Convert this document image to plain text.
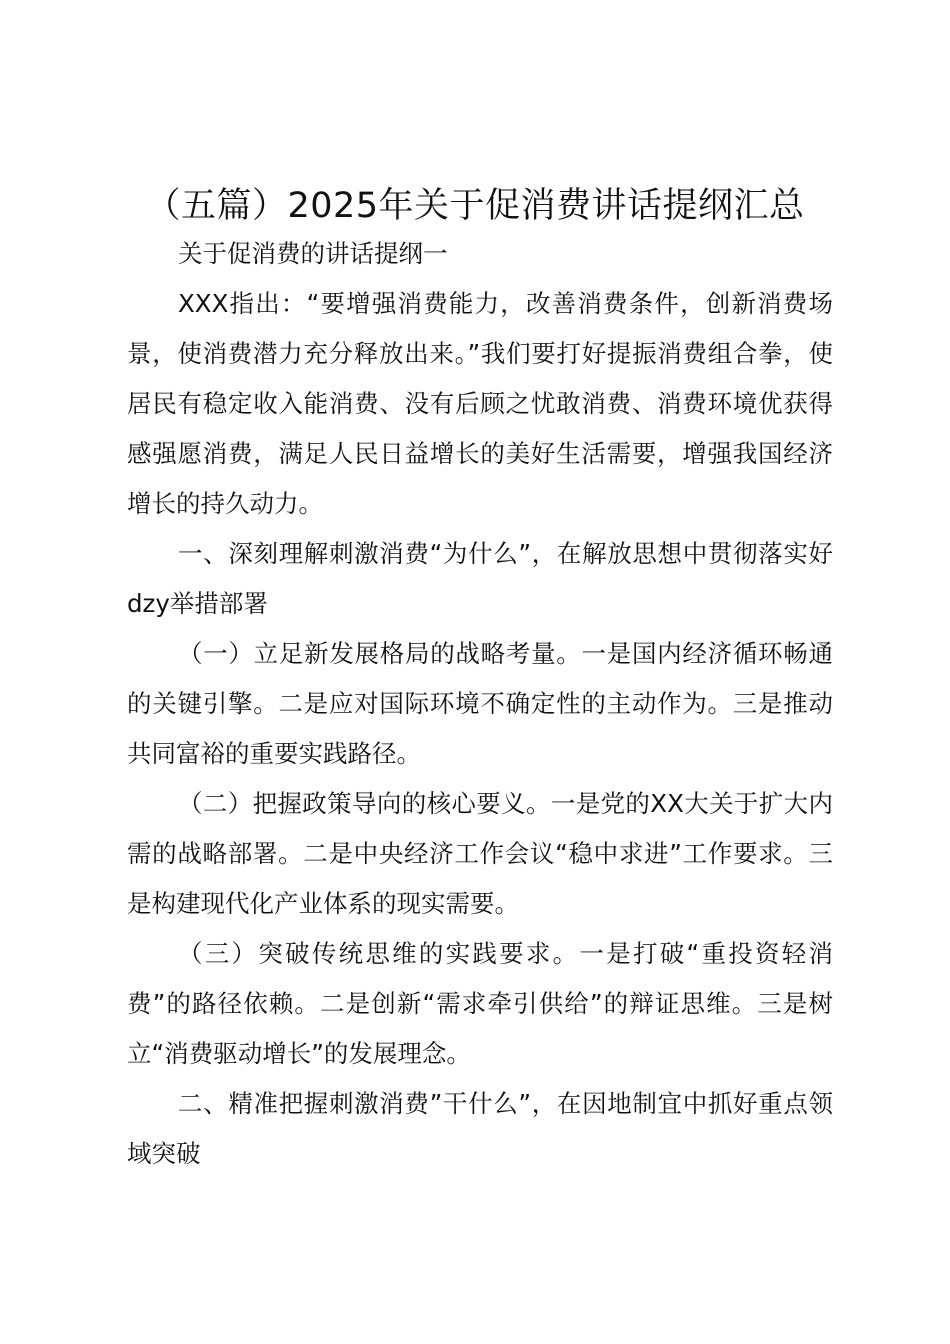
（五篇）2025年关于促消费讲话提纲汇总

关于促消费的讲话提纲一

XXX指出：“要增强消费能力，改善消费条件，创新消费场景，使消费潜力充分释放出来。”我们要打好提振消费组合拳，使居民有稳定收入能消费、没有后顾之忧敢消费、消费环境优获得感强愿消费，满足人民日益增长的美好生活需要，增强我国经济增长的持久动力。

一、深刻理解刺激消费“为什么”，在解放思想中贯彻落实好dzy举措部署

（一）立足新发展格局的战略考量。一是国内经济循环畅通的关键引擎。二是应对国际环境不确定性的主动作为。三是推动共同富裕的重要实践路径。

（二）把握政策导向的核心要义。一是党的XX大关于扩大内需的战略部署。二是中央经济工作会议“稳中求进”工作要求。三是构建现代化产业体系的现实需要。

（三）突破传统思维的实践要求。一是打破“重投资轻消费”的路径依赖。二是创新“需求牵引供给”的辩证思维。三是树立“消费驱动增长”的发展理念。

二、精准把握刺激消费”干什么”，在因地制宜中抓好重点领域突破
